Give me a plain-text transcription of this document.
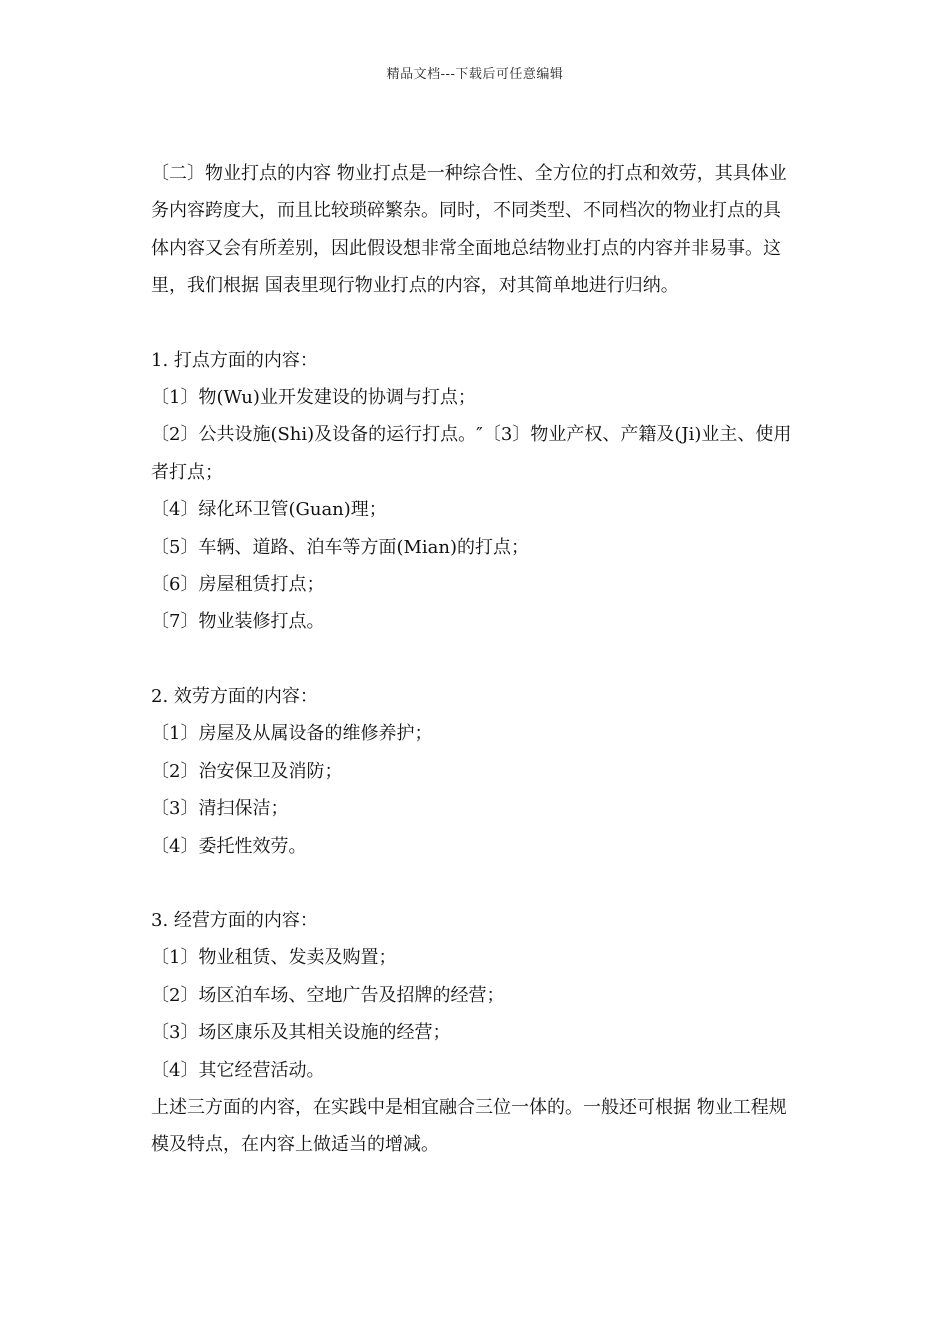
精品文档---下载后可任意编辑

〔二〕物业打点的内容 物业打点是一种综合性、全方位的打点和效劳，其具体业务内容跨度大，而且比较琐碎繁杂。同时，不同类型、不同档次的物业打点的具体内容又会有所差别，因此假设想非常全面地总结物业打点的内容并非易事。这里，我们根据 国表里现行物业打点的内容，对其简单地进行归纳。

1. 打点方面的内容：

〔1〕物(Wu)业开发建设的协调与打点；

〔2〕公共设施(Shi)及设备的运行打点。″〔3〕物业产权、产籍及(Ji)业主、使用者打点；

〔4〕绿化环卫管(Guan)理；

〔5〕车辆、道路、泊车等方面(Mian)的打点；

〔6〕房屋租赁打点；

〔7〕物业装修打点。

2. 效劳方面的内容：

〔1〕房屋及从属设备的维修养护；

〔2〕治安保卫及消防；

〔3〕清扫保洁；

〔4〕委托性效劳。

3. 经营方面的内容：

〔1〕物业租赁、发卖及购置；

〔2〕场区泊车场、空地广告及招牌的经营；

〔3〕场区康乐及其相关设施的经营；

〔4〕其它经营活动。

上述三方面的内容，在实践中是相宜融合三位一体的。一般还可根据 物业工程规模及特点，在内容上做适当的增减。
